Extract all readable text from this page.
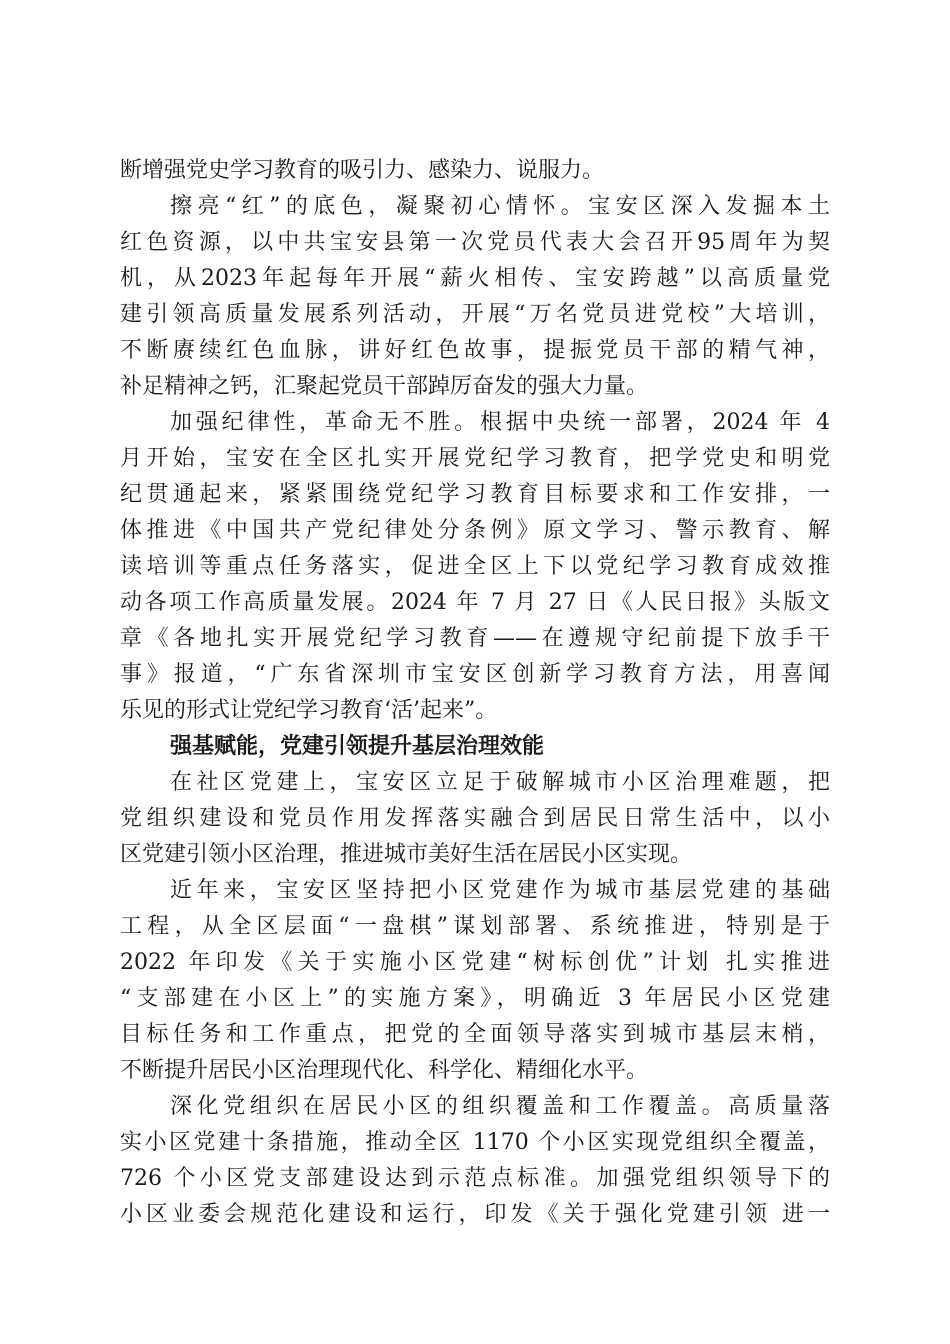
断增强党史学习教育的吸引力、感染力、说服力。
擦亮“红”的底色，凝聚初心情怀。宝安区深入发掘本土
红色资源，以中共宝安县第一次党员代表大会召开95周年为契
机，从2023年起每年开展“薪火相传、宝安跨越”以高质量党
建引领高质量发展系列活动，开展“万名党员进党校”大培训，
不断赓续红色血脉，讲好红色故事，提振党员干部的精气神，
补足精神之钙，汇聚起党员干部踔厉奋发的强大力量。
加强纪律性，革命无不胜。根据中央统一部署，2024 年 4
月开始，宝安在全区扎实开展党纪学习教育，把学党史和明党
纪贯通起来，紧紧围绕党纪学习教育目标要求和工作安排，一
体推进《中国共产党纪律处分条例》原文学习、警示教育、解
读培训等重点任务落实，促进全区上下以党纪学习教育成效推
动各项工作高质量发展。2024 年 7 月 27 日《人民日报》头版文
章《各地扎实开展党纪学习教育——在遵规守纪前提下放手干
事》报道，“广东省深圳市宝安区创新学习教育方法，用喜闻
乐见的形式让党纪学习教育‘活’起来”。
强基赋能，党建引领提升基层治理效能
在社区党建上，宝安区立足于破解城市小区治理难题，把
党组织建设和党员作用发挥落实融合到居民日常生活中，以小
区党建引领小区治理，推进城市美好生活在居民小区实现。
近年来，宝安区坚持把小区党建作为城市基层党建的基础
工程，从全区层面“一盘棋”谋划部署、系统推进，特别是于
2022 年印发《关于实施小区党建“树标创优”计划 扎实推进
“支部建在小区上”的实施方案》，明确近 3 年居民小区党建
目标任务和工作重点，把党的全面领导落实到城市基层末梢，
不断提升居民小区治理现代化、科学化、精细化水平。
深化党组织在居民小区的组织覆盖和工作覆盖。高质量落
实小区党建十条措施，推动全区 1170 个小区实现党组织全覆盖，
726 个小区党支部建设达到示范点标准。加强党组织领导下的
小区业委会规范化建设和运行，印发《关于强化党建引领 进一
